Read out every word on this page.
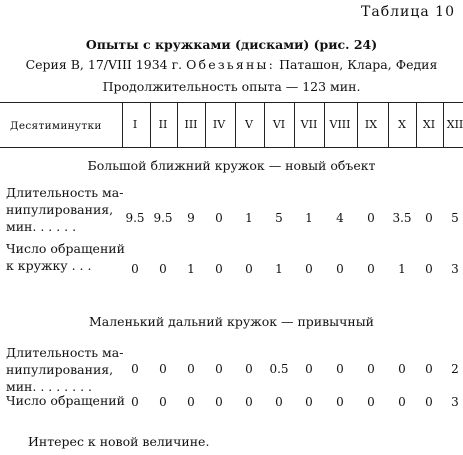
Таблица 10
Опыты с кружками (дисками) (рис. 24)
Серия В, 17/VIII 1934 г. Обезьяны: Паташон, Клара, Федия
Продолжительность опыта — 123 мин.
Десятиминутки	I	II	III	IV	V	VI	VII	VIII	IX	X	XI	XII
Большой ближний кружок — новый объект
Длительность ма-
нипулирования,
мин. . . . . .
9.5 9.5	9	0	1	5	1	4	0	3.5	0	5
Число обращений
к кружку . . .	0	0	1	0	0	1	0	0	0	1	0	3
Маленький дальний кружок — привычный
Длительность ма-
нипулирования,
мин. . . . . . . .
0	0	0	0	0	0.5	0	0	0	0	0	2
Число обращений 0	0	0	0	0	0	0	0	0	0	0	3
Интерес к новой величине.
